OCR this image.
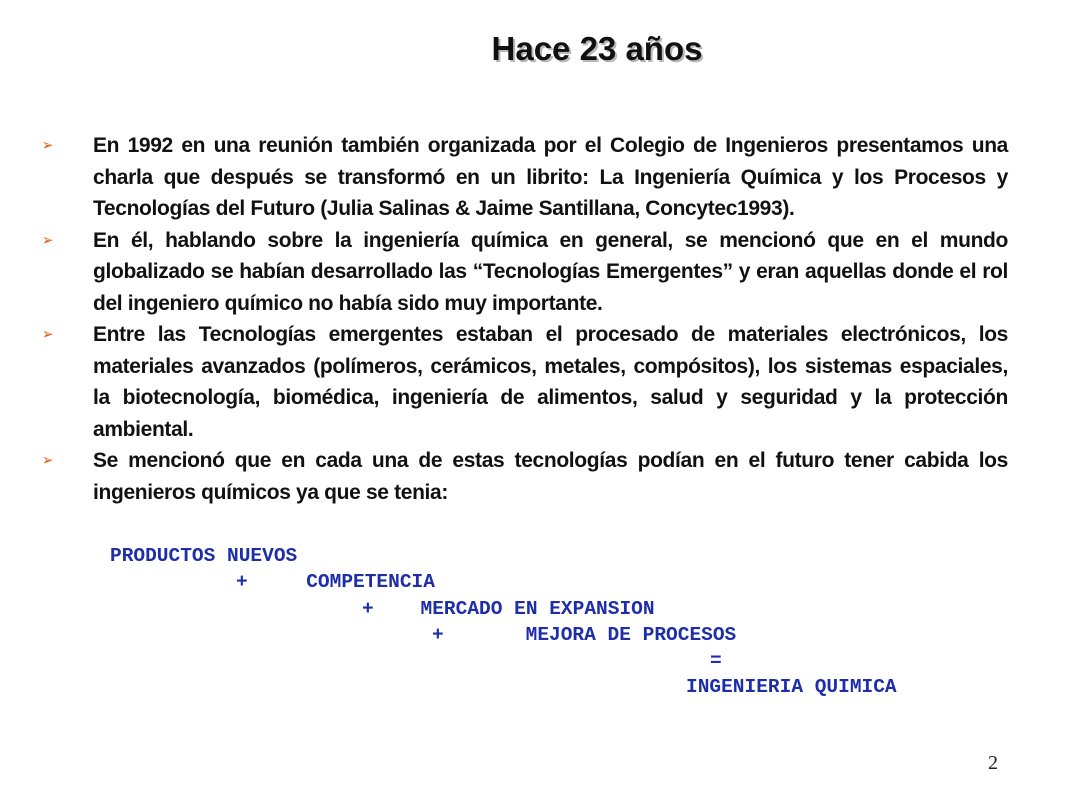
Hace 23 años
➢ En 1992 en una reunión también organizada por el Colegio de Ingenieros presentamos una charla que después se transformó en un librito: La Ingeniería Química y los Procesos y Tecnologías del Futuro (Julia Salinas & Jaime Santillana, Concytec1993).
➢ En él, hablando sobre la ingeniería química en general, se mencionó que en el mundo globalizado se habían desarrollado las “Tecnologías Emergentes” y eran aquellas donde el rol del ingeniero químico no había sido muy importante.
➢ Entre las Tecnologías emergentes estaban el procesado de materiales electrónicos, los materiales avanzados (polímeros, cerámicos, metales, compósitos), los sistemas espaciales, la biotecnología, biomédica, ingeniería de alimentos, salud y seguridad y la protección ambiental.
➢ Se mencionó que en cada una de estas tecnologías podían en el futuro tener cabida los ingenieros químicos ya que se tenia:
PRODUCTOS NUEVOS
+     COMPETENCIA
+    MERCADO EN EXPANSION
+       MEJORA DE PROCESOS
=
INGENIERIA QUIMICA
2
